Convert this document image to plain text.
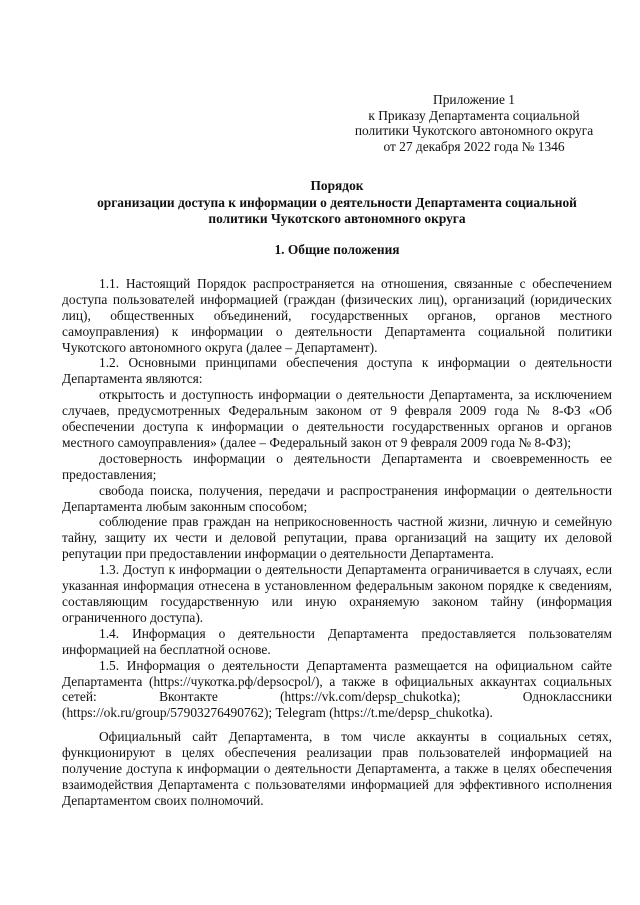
Приложение 1
к Приказу Департамента социальной
политики Чукотского автономного округа
от 27 декабря 2022 года № 1346
Порядок
организации доступа к информации о деятельности Департамента социальной
политики Чукотского автономного округа
1. Общие положения

1.1. Настоящий Порядок распространяется на отношения, связанные с обеспечением доступа пользователей информацией (граждан (физических лиц), организаций (юридических лиц), общественных объединений, государственных органов, органов местного самоуправления) к информации о деятельности Департамента социальной политики Чукотского автономного округа (далее – Департамент).

1.2. Основными принципами обеспечения доступа к информации о деятельности Департамента являются:

открытость и доступность информации о деятельности Департамента, за исключением случаев, предусмотренных Федеральным законом от 9 февраля 2009 года № 8-ФЗ «Об обеспечении доступа к информации о деятельности государственных органов и органов местного самоуправления» (далее – Федеральный закон от 9 февраля 2009 года № 8-ФЗ);

достоверность информации о деятельности Департамента и своевременность ее предоставления;

свобода поиска, получения, передачи и распространения информации о деятельности Департамента любым законным способом;

соблюдение прав граждан на неприкосновенность частной жизни, личную и семейную тайну, защиту их чести и деловой репутации, права организаций на защиту их деловой репутации при предоставлении информации о деятельности Департамента.

1.3. Доступ к информации о деятельности Департамента ограничивается в случаях, если указанная информация отнесена в установленном федеральным законом порядке к сведениям, составляющим государственную или иную охраняемую законом тайну (информация ограниченного доступа).

1.4. Информация о деятельности Департамента предоставляется пользователям информацией на бесплатной основе.

1.5. Информация о деятельности Департамента размещается на официальном сайте Департамента (https://чукотка.рф/depsocpol/), а также в официальных аккаунтах социальных сетей: Вконтакте (https://vk.com/depsp_chukotka); Одноклассники (https://ok.ru/group/57903276490762); Telegram (https://t.me/depsp_chukotka).

Официальный сайт Департамента, в том числе аккаунты в социальных сетях, функционируют в целях обеспечения реализации прав пользователей информацией на получение доступа к информации о деятельности Департамента, а также в целях обеспечения взаимодействия Департамента с пользователями информацией для эффективного исполнения Департаментом своих полномочий.
